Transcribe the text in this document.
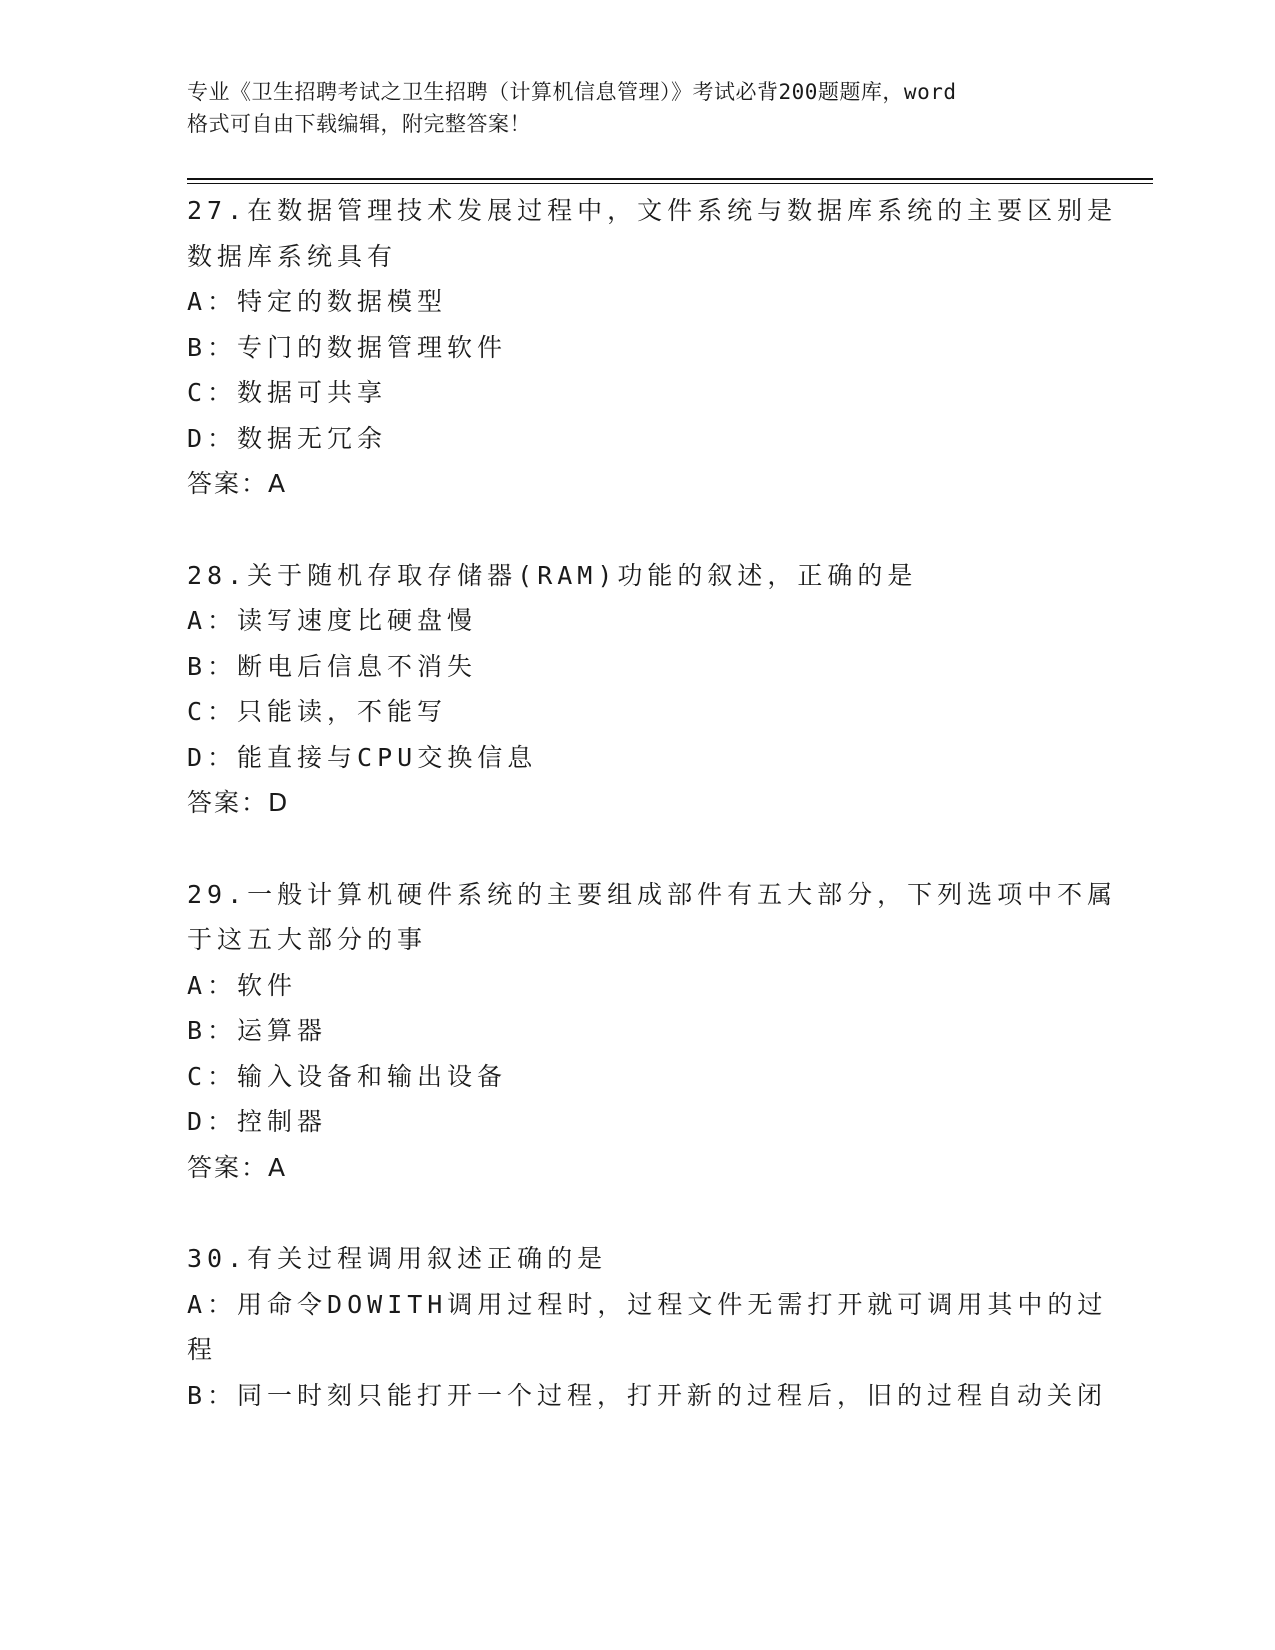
专业《卫生招聘考试之卫生招聘（计算机信息管理）》考试必背200题题库，word
格式可自由下载编辑，附完整答案！
27.在数据管理技术发展过程中，文件系统与数据库系统的主要区别是
数据库系统具有
A：特定的数据模型
B：专门的数据管理软件
C：数据可共享
D：数据无冗余
答案：A
28.关于随机存取存储器(RAM)功能的叙述，正确的是
A：读写速度比硬盘慢
B：断电后信息不消失
C：只能读，不能写
D：能直接与CPU交换信息
答案：D
29.一般计算机硬件系统的主要组成部件有五大部分，下列选项中不属
于这五大部分的事
A：软件
B：运算器
C：输入设备和输出设备
D：控制器
答案：A
30.有关过程调用叙述正确的是
A：用命令DOWITH调用过程时，过程文件无需打开就可调用其中的过
程
B：同一时刻只能打开一个过程，打开新的过程后，旧的过程自动关闭
